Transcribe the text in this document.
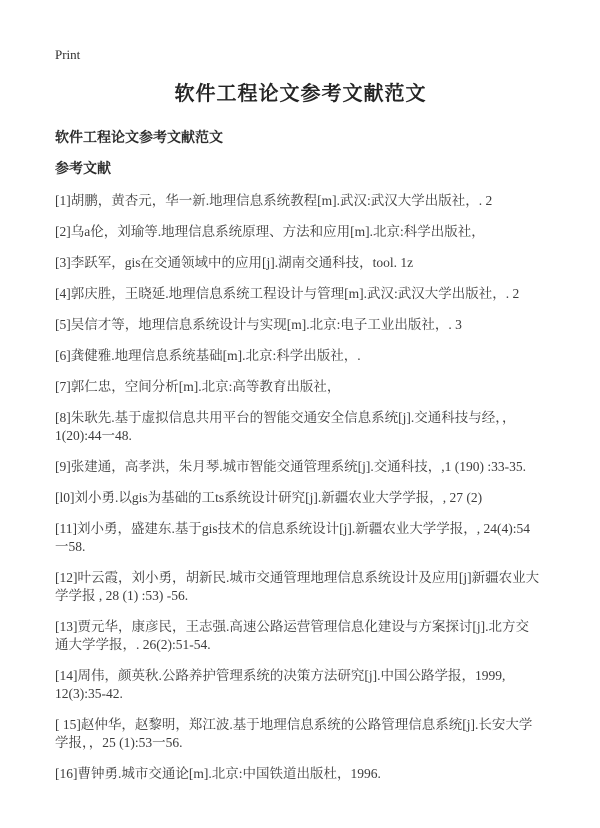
Print
软件工程论文参考文献范文
软件工程论文参考文献范文
参考文献
[1]胡鹏，黄杏元，华一新.地理信息系统教程[m].武汉:武汉大学出版社，. 2
[2]乌a伦，刘瑜等.地理信息系统原理、方法和应用[m].北京:科学出版社，
[3]李跃军，gis在交通领域中的应用[j].湖南交通科技，tool. 1z
[4]郭庆胜，王晓延.地理信息系统工程设计与管理[m].武汉:武汉大学出版社，. 2
[5]吴信才等，地理信息系统设计与实现[m].北京:电子工业出版社，. 3
[6]龚健雅.地理信息系统基础[m].北京:科学出版社，.
[7]郭仁忠，空间分析[m].北京:高等教育出版社，
[8]朱耿先.基于虚拟信息共用平台的智能交通安全信息系统[j].交通科技与经，，
1(20):44一48.
[9]张建通，高孝洪，朱月琴.城市智能交通管理系统[j].交通科技，,1 (190) :33-35.
[l0]刘小勇.以gis为基础的工ts系统设计研究[j].新疆农业大学学报，, 27 (2)
[11]刘小勇，盛建东.基于gis技术的信息系统设计[j].新疆农业大学学报，, 24(4):54
一58.
[12]叶云霞，刘小勇，胡新民.城市交通管理地理信息系统设计及应用[j]新疆农业大
学学报 , 28 (1) :53) -56.
[13]贾元华，康彦民，王志强.高速公路运营管理信息化建设与方案探讨[j].北方交
通大学学报，. 26(2):51-54.
[14]周伟，颜英秋.公路养护管理系统的决策方法研究[j].中国公路学报，1999,
12(3):35-42.
[ 15]赵仲华，赵黎明，郑江波.基于地理信息系统的公路管理信息系统[j].长安大学
学报，，25 (1):53一56.
[16]曹钟勇.城市交通论[m].北京:中国铁道出版杜，1996.
